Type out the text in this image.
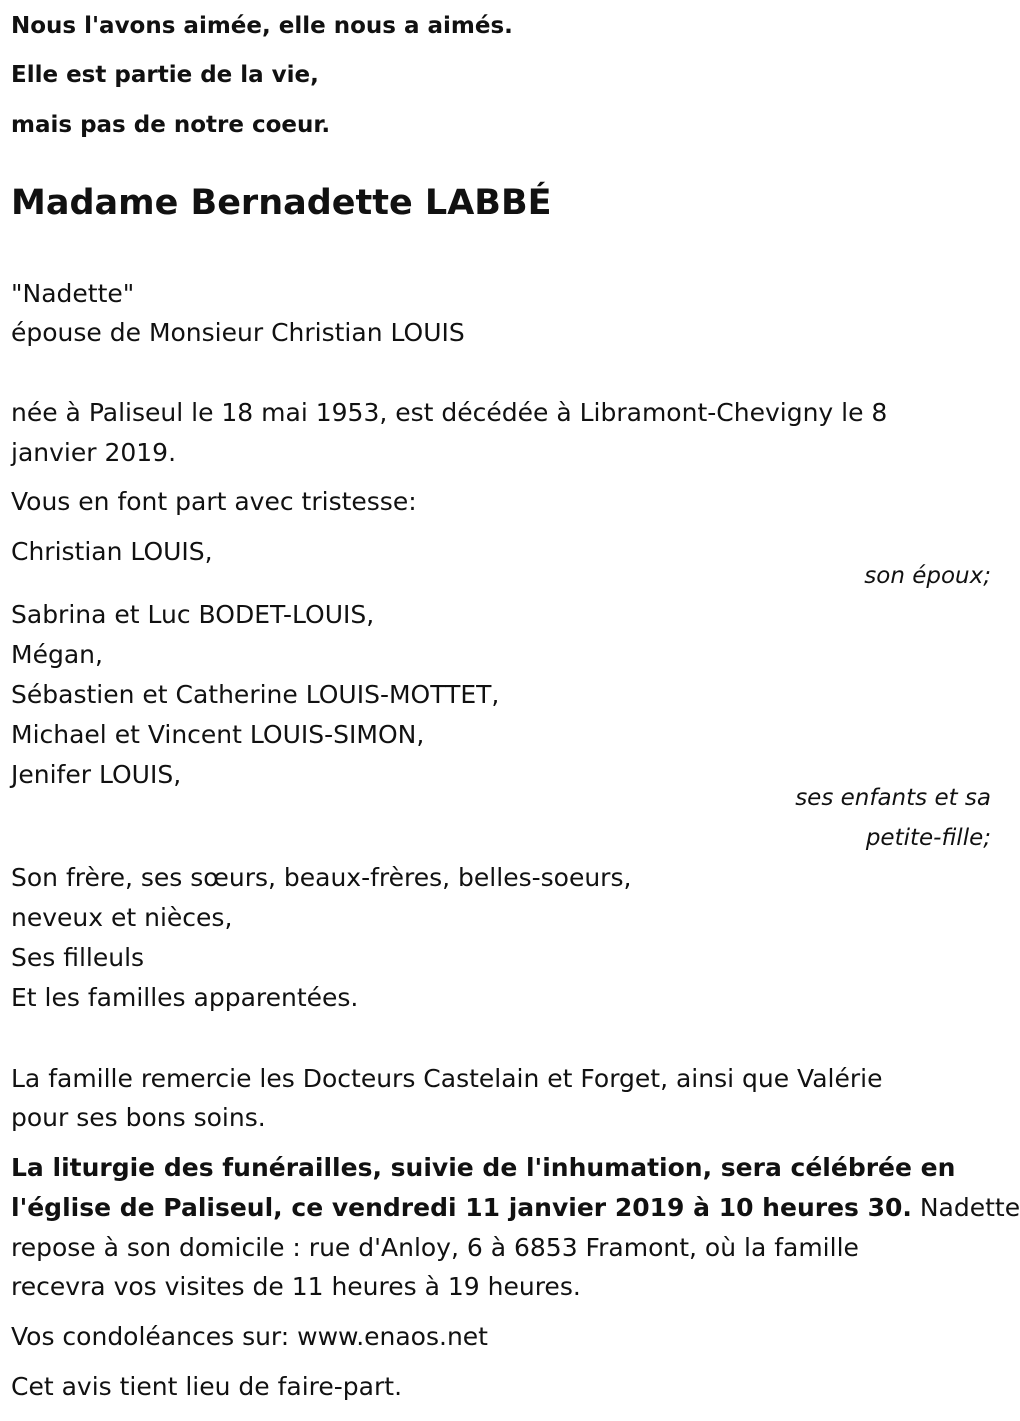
Nous l'avons aimée, elle nous a aimés.
Elle est partie de la vie,
mais pas de notre coeur.
Madame Bernadette LABBÉ
"Nadette"
épouse de Monsieur Christian LOUIS
née à Paliseul le 18 mai 1953, est décédée à Libramont-Chevigny le 8
janvier 2019.
Vous en font part avec tristesse:
Christian LOUIS,
son époux;
Sabrina et Luc BODET-LOUIS,
Mégan,
Sébastien et Catherine LOUIS-MOTTET,
Michael et Vincent LOUIS-SIMON,
Jenifer LOUIS,
ses enfants et sa
petite-fille;
Son frère, ses sœurs, beaux-frères, belles-soeurs,
neveux et nièces,
Ses filleuls
Et les familles apparentées.
La famille remercie les Docteurs Castelain et Forget, ainsi que Valérie
pour ses bons soins.
La liturgie des funérailles, suivie de l'inhumation, sera célébrée en
l'église de Paliseul, ce vendredi 11 janvier 2019 à 10 heures 30. Nadette
repose à son domicile : rue d'Anloy, 6 à 6853 Framont, où la famille
recevra vos visites de 11 heures à 19 heures.
Vos condoléances sur: www.enaos.net
Cet avis tient lieu de faire-part.
